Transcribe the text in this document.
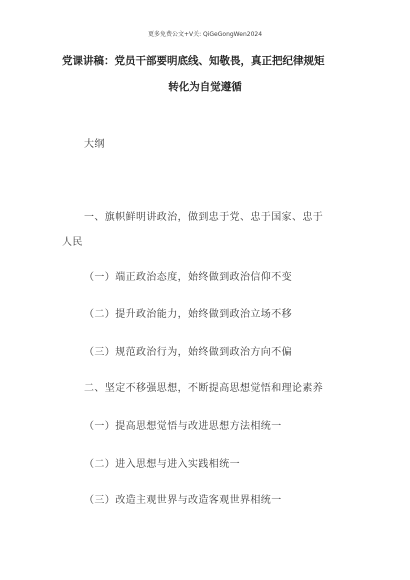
更多免费公文+V关: QiGeGongWen2024
党课讲稿：党员干部要明底线、知敬畏，真正把纪律规矩
转化为自觉遵循
大纲
一、旗帜鲜明讲政治，做到忠于党、忠于国家、忠于
人民
（一）端正政治态度，始终做到政治信仰不变
（二）提升政治能力，始终做到政治立场不移
（三）规范政治行为，始终做到政治方向不偏
二、坚定不移强思想，不断提高思想觉悟和理论素养
（一）提高思想觉悟与改进思想方法相统一
（二）进入思想与进入实践相统一
（三）改造主观世界与改造客观世界相统一
